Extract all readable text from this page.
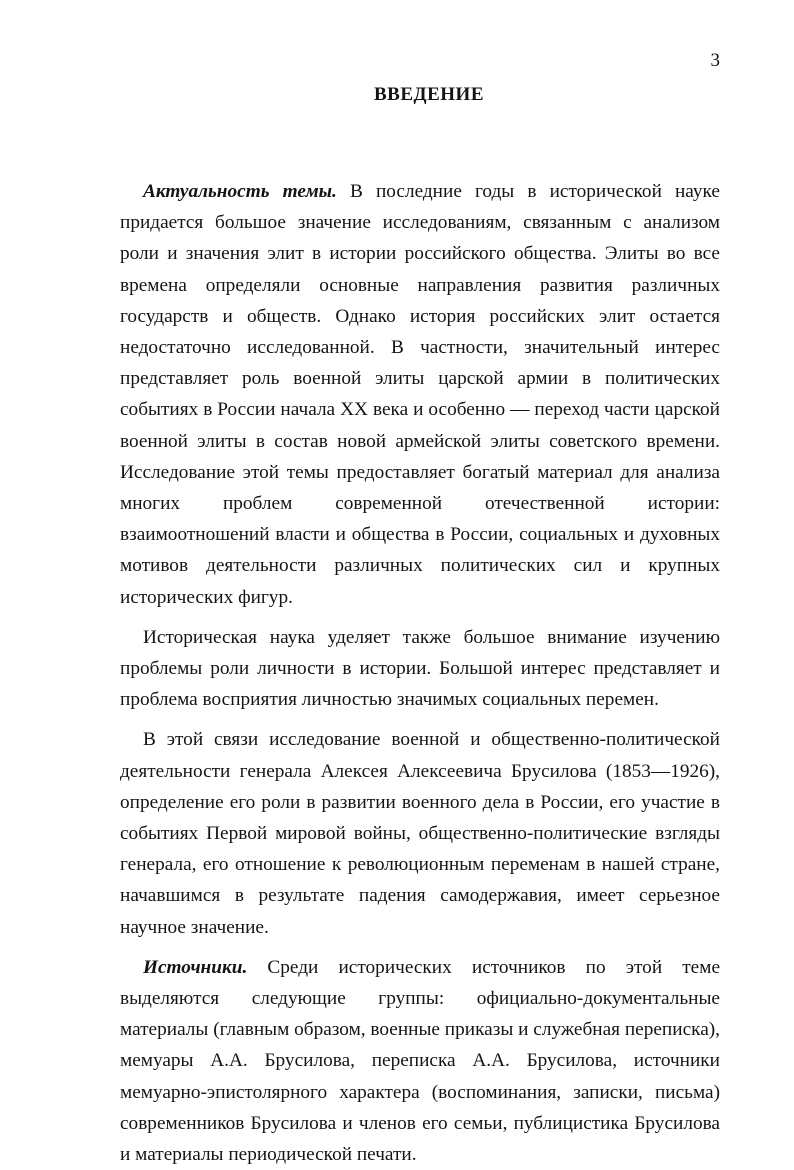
3
ВВЕДЕНИЕ

Актуальность темы. В последние годы в исторической науке придается большое значение исследованиям, связанным с анализом роли и значения элит в истории российского общества. Элиты во все времена определяли основные направления развития различных государств и обществ. Однако история российских элит остается недостаточно исследованной. В частности, значительный интерес представляет роль военной элиты царской армии в политических событиях в России начала XX века и особенно — переход части царской военной элиты в состав новой армейской элиты советского времени. Исследование этой темы предоставляет богатый материал для анализа многих проблем современной отечественной истории: взаимоотношений власти и общества в России, социальных и духовных мотивов деятельности различных политических сил и крупных исторических фигур.

Историческая наука уделяет также большое внимание изучению проблемы роли личности в истории. Большой интерес представляет и проблема восприятия личностью значимых социальных перемен.

В этой связи исследование военной и общественно-политической деятельности генерала Алексея Алексеевича Брусилова (1853—1926), определение его роли в развитии военного дела в России, его участие в событиях Первой мировой войны, общественно-политические взгляды генерала, его отношение к революционным переменам в нашей стране, начавшимся в результате падения самодержавия, имеет серьезное научное значение.

Источники. Среди исторических источников по этой теме выделяются следующие группы: официально-документальные материалы (главным образом, военные приказы и служебная переписка), мемуары А.А. Брусилова, переписка А.А. Брусилова, источники мемуарно-эпистолярного характера (воспоминания, записки, письма) современников Брусилова и членов его семьи, публицистика Брусилова и материалы периодической печати.
